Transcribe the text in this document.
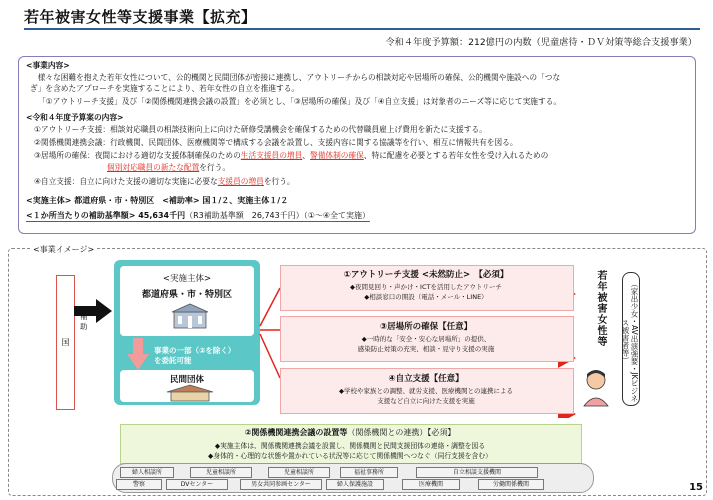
若年被害女性等支援事業【拡充】
令和４年度予算額：212億円の内数（児童虐待・ＤＶ対策等総合支援事業）
<事業内容>
　様々な困難を抱えた若年女性について、公的機関と民間団体が密接に連携し、アウトリーチからの相談対応や居場所の確保、公的機関や施設への「つな
ぎ」を含めたアプローチを実施することにより、若年女性の自立を推進する。
「①アウトリーチ支援」及び「②関係機関連携会議の設置」を必須とし、「③居場所の確保」及び「④自立支援」は対象者のニーズ等に応じて実施する。
<令和４年度予算案の内容>
①アウトリーチ支援：相談対応職員の相談技術向上に向けた研修受講機会を確保するための代替職員雇上げ費用を新たに支援する。
②関係機関連携会議：行政機関、民間団体、医療機関等で構成する会議を設置し、支援内容に関する協議等を行い、相互に情報共有を図る。
③居場所の確保：夜間における適切な支援体制確保のための生活支援員の増員、警備体制の確保、特に配慮を必要とする若年女性を受け入れるための
個別対応職員の新たな配置を行う。
④自立支援：自立に向けた支援の適切な実施に必要な支援員の増員を行う。
<実施主体> 都道府県・市・特別区　<補助率> 国１/２、実施主体１/２
<１か所当たりの補助基準額> 45,634千円（R3補助基準額　26,743千円）（①～④全て実施）
<事業イメージ>
国
補助
<実施主体>
都道府県・市・特別区
事業の一部（②を除く）
を委託可能
民間団体
①アウトリーチ支援 <未然防止>　【必須】
◆夜間見回り・声かけ・ICTを活用したアウトリーチ
◆相談窓口の開設（電話・メール・LINE）
③居場所の確保【任意】
◆一時的な「安全・安心な居場所」の提供、
感染防止対策の充実、相談・見守り支援の実施
④自立支援【任意】
◆学校や家族との調整、就労支援、医療機関との連携による
支援など自立に向けた支援を実施
若年被害女性等	（家出少女・AV出演強要・JKビジネス被害者等）
②関係機関連携会議の設置等（関係機関との連携）【必須】
◆実施主体は、関係機関連携会議を設置し、関係機関と民間支援団体の連絡・調整を図る
◆身体的・心理的な状態や置かれている状況等に応じて関係機関へつなぐ（同行支援を含む）
婦人相談所	児童相談所	児童相談所	福祉事務所	自立相談支援機関
警察	DVセンター	男女共同参画センター	婦人保護施設	医療機関	労働関係機関	15
